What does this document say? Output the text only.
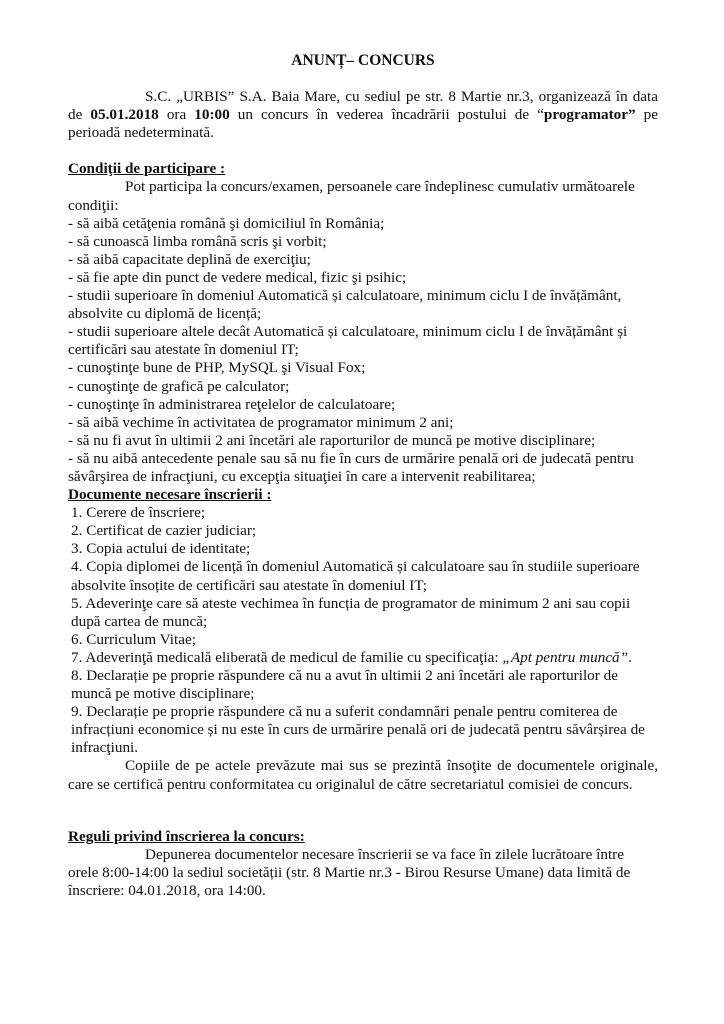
ANUNȚ– CONCURS

S.C. „URBIS” S.A. Baia Mare, cu sediul pe str. 8 Martie nr.3, organizează în data de 05.01.2018 ora 10:00 un concurs în vederea încadrării postului de “programator” pe perioadă nedeterminată.

Condiţii de participare :

Pot participa la concurs/examen, persoanele care îndeplinesc cumulativ următoarele condiţii:

- să aibă cetăţenia română şi domiciliul în România;

- să cunoască limba română scris şi vorbit;

- să aibă capacitate deplină de exerciţiu;

- să fie apte din punct de vedere medical, fizic şi psihic;

- studii superioare în domeniul Automatică și calculatoare, minimum ciclu I de învățământ, absolvite cu diplomă de licență;

- studii superioare altele decât Automatică și calculatoare, minimum ciclu I de învățământ și certificări sau atestate în domeniul IT;

- cunoştinţe bune de PHP, MySQL şi Visual Fox;

- cunoştinţe de grafică pe calculator;

- cunoştinţe în administrarea reţelelor de calculatoare;

- să aibă vechime în activitatea de programator minimum 2 ani;

- să nu fi avut în ultimii 2 ani încetări ale raporturilor de muncă pe motive disciplinare;

- să nu aibă antecedente penale sau să nu fie în curs de urmărire penală ori de judecată pentru săvârşirea de infracţiuni, cu excepţia situaţiei în care a intervenit reabilitarea;

Documente necesare înscrierii :

1. Cerere de înscriere;

2. Certificat de cazier judiciar;

3. Copia actului de identitate;

4. Copia diplomei de licență în domeniul Automatică și calculatoare sau în studiile superioare absolvite însoțite de certificări sau atestate în domeniul IT;

5. Adeverinţe care să ateste vechimea în funcția de programator de minimum 2 ani sau copii după cartea de muncă;

6. Curriculum Vitae;

7. Adeverinţă medicală eliberată de medicul de familie cu specificaţia: „Apt pentru muncă”.

8. Declarație pe proprie răspundere că nu a avut în ultimii 2 ani încetări ale raporturilor de muncă pe motive disciplinare;

9. Declarație pe proprie răspundere că nu a suferit condamnări penale pentru comiterea de infracțiuni economice și nu este în curs de urmărire penală ori de judecată pentru săvârșirea de infracţiuni.

Copiile de pe actele prevăzute mai sus se prezintă însoţite de documentele originale, care se certifică pentru conformitatea cu originalul de către secretariatul comisiei de concurs.

Reguli privind înscrierea la concurs:

Depunerea documentelor necesare înscrierii se va face în zilele lucrătoare între orele 8:00-14:00 la sediul societății (str. 8 Martie nr.3 - Birou Resurse Umane) data limită de înscriere: 04.01.2018, ora 14:00.
